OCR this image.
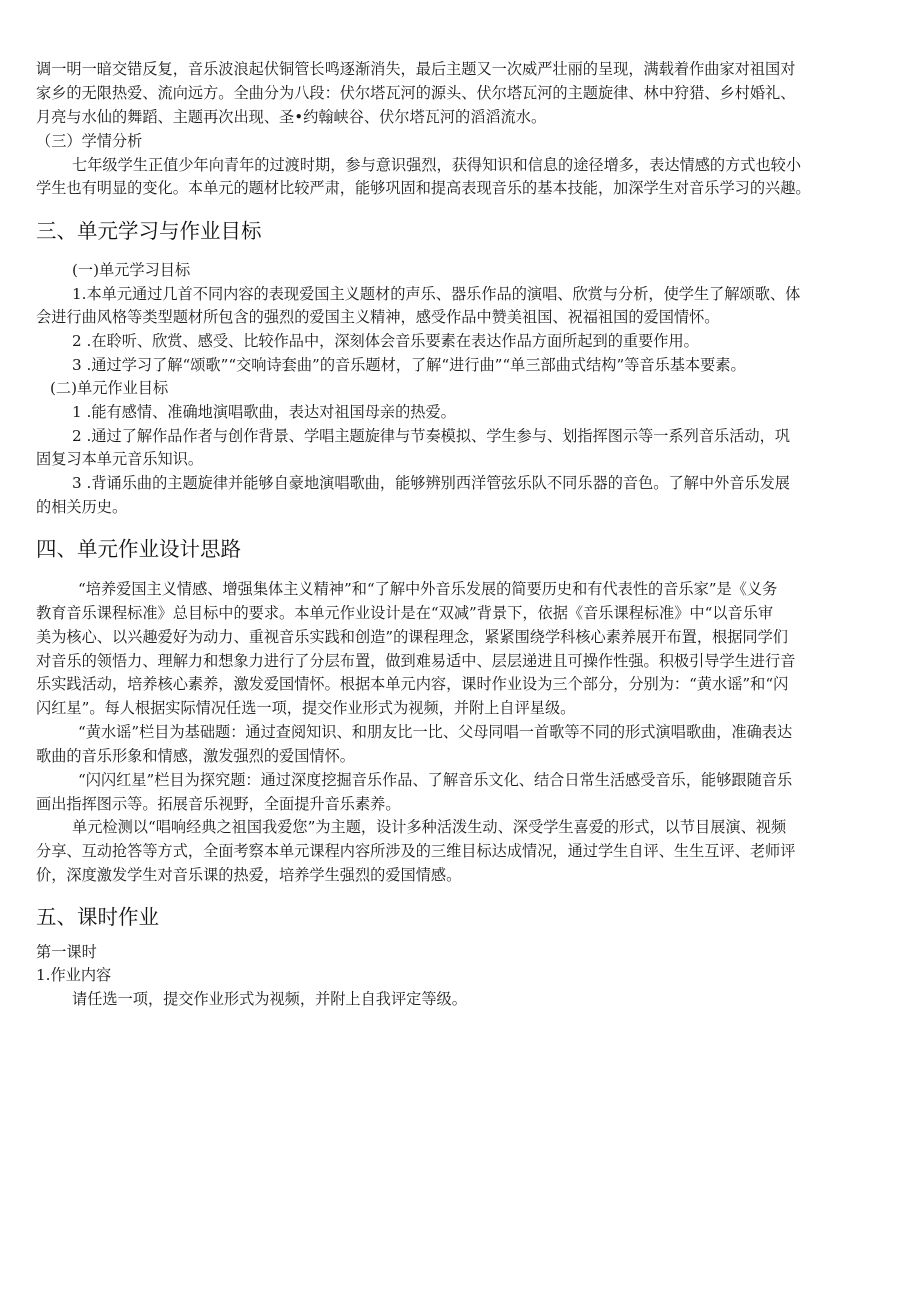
调一明一暗交错反复，音乐波浪起伏铜管长鸣逐渐消失，最后主题又一次威严壮丽的呈现，满载着作曲家对祖国对
家乡的无限热爱、流向远方。全曲分为八段：伏尔塔瓦河的源头、伏尔塔瓦河的主题旋律、林中狩猎、乡村婚礼、
月亮与水仙的舞蹈、主题再次出现、圣•约翰峡谷、伏尔塔瓦河的滔滔流水。
（三）学情分析
七年级学生正值少年向青年的过渡时期，参与意识强烈，获得知识和信息的途径增多，表达情感的方式也较小
学生也有明显的变化。本单元的题材比较严肃，能够巩固和提高表现音乐的基本技能，加深学生对音乐学习的兴趣。
三、单元学习与作业目标
(一)单元学习目标
1.本单元通过几首不同内容的表现爱国主义题材的声乐、器乐作品的演唱、欣赏与分析，使学生了解颂歌、体
会进行曲风格等类型题材所包含的强烈的爱国主义精神，感受作品中赞美祖国、祝福祖国的爱国情怀。
2 .在聆听、欣赏、感受、比较作品中，深刻体会音乐要素在表达作品方面所起到的重要作用。
3 .通过学习了解“颂歌”“交响诗套曲”的音乐题材，了解“进行曲”“单三部曲式结构”等音乐基本要素。
(二)单元作业目标
1 .能有感情、准确地演唱歌曲，表达对祖国母亲的热爱。
2 .通过了解作品作者与创作背景、学唱主题旋律与节奏模拟、学生参与、划指挥图示等一系列音乐活动，巩
固复习本单元音乐知识。
3 .背诵乐曲的主题旋律并能够自豪地演唱歌曲，能够辨别西洋管弦乐队不同乐器的音色。了解中外音乐发展
的相关历史。
四、单元作业设计思路
“培养爱国主义情感、增强集体主义精神”和“了解中外音乐发展的简要历史和有代表性的音乐家”是《义务
教育音乐课程标准》总目标中的要求。本单元作业设计是在“双减”背景下，依据《音乐课程标准》中“以音乐审
美为核心、以兴趣爱好为动力、重视音乐实践和创造”的课程理念，紧紧围绕学科核心素养展开布置，根据同学们
对音乐的领悟力、理解力和想象力进行了分层布置，做到难易适中、层层递进且可操作性强。积极引导学生进行音
乐实践活动，培养核心素养，激发爱国情怀。根据本单元内容，课时作业设为三个部分，分别为：“黄水谣”和“闪
闪红星”。每人根据实际情况任选一项，提交作业形式为视频，并附上自评星级。
“黄水谣”栏目为基础题：通过查阅知识、和朋友比一比、父母同唱一首歌等不同的形式演唱歌曲，准确表达
歌曲的音乐形象和情感，激发强烈的爱国情怀。
“闪闪红星”栏目为探究题：通过深度挖掘音乐作品、了解音乐文化、结合日常生活感受音乐，能够跟随音乐
画出指挥图示等。拓展音乐视野，全面提升音乐素养。
单元检测以“唱响经典之祖国我爱您”为主题，设计多种活泼生动、深受学生喜爱的形式，以节目展演、视频
分享、互动抢答等方式，全面考察本单元课程内容所涉及的三维目标达成情况，通过学生自评、生生互评、老师评
价，深度激发学生对音乐课的热爱，培养学生强烈的爱国情感。
五、课时作业
第一课时
1.作业内容
请任选一项，提交作业形式为视频，并附上自我评定等级。
